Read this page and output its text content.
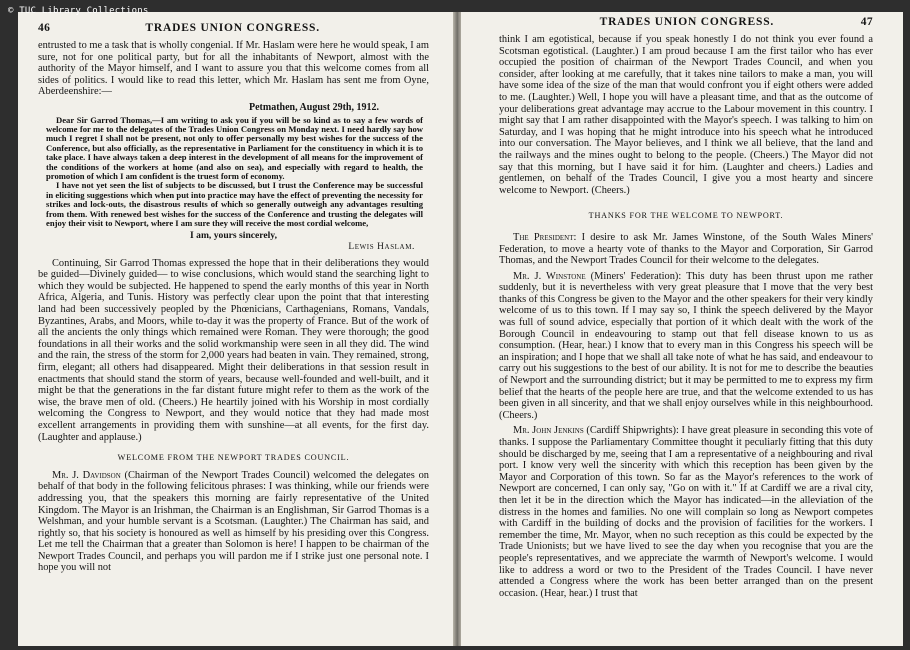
© TUC Library Collections
46	TRADES UNION CONGRESS.

entrusted to me a task that is wholly congenial. If Mr. Haslam were here he would speak, I am sure, not for one political party, but for all the inhabitants of Newport, almost with the authority of the Mayor himself, and I want to assure you that this welcome comes from all sides of politics. I would like to read this letter, which Mr. Haslam has sent me from Oyne, Aberdeenshire:—

Petmathen, August 29th, 1912.

Dear Sir Garrod Thomas,—I am writing to ask you if you will be so kind as to say a few words of welcome for me to the delegates of the Trades Union Congress on Monday next. I need hardly say how much I regret I shall not be present, not only to offer personally my best wishes for the success of the Conference, but also officially, as the representative in Parliament for the constituency in which it is to take place. I have always taken a deep interest in the development of all means for the improvement of the conditions of the workers at home (and also on sea), and especially with regard to health, the promotion of which I am confident is the truest form of economy.

I have not yet seen the list of subjects to be discussed, but I trust the Conference may be successful in eliciting suggestions which when put into practice may have the effect of preventing the necessity for strikes and lock-outs, the disastrous results of which so generally outweigh any advantages resulting from them. With renewed best wishes for the success of the Conference and trusting the delegates will enjoy their visit to Newport, where I am sure they will receive the most cordial welcome,

I am, yours sincerely,
Lewis Haslam.

Continuing, Sir Garrod Thomas expressed the hope that in their deliberations they would be guided—Divinely guided— to wise conclusions, which would stand the searching light to which they would be subjected. He happened to spend the early months of this year in North Africa, Algeria, and Tunis. History was perfectly clear upon the point that that interesting land had been successively peopled by the Phœnicians, Carthagenians, Romans, Vandals, Byzantines, Arabs, and Moors, while to-day it was the property of France. But of the work of all the ancients the only things which remained were Roman. They were thorough; the good foundations in all their works and the solid workmanship were seen in all they did. The wind and the rain, the stress of the storm for 2,000 years had beaten in vain. They remained, strong, firm, elegant; all others had disappeared. Might their deliberations in that session result in enactments that should stand the storm of years, because well-founded and well-built, and it might be that the generations in the far distant future might refer to them as the work of the wise, the brave men of old. (Cheers.) He heartily joined with his Worship in most cordially welcoming the Congress to Newport, and they would notice that they had made most excellent arrangements in providing them with sunshine—at all events, for the first day. (Laughter and applause.)

WELCOME FROM THE NEWPORT TRADES COUNCIL.

Mr. J. Davidson (Chairman of the Newport Trades Council) welcomed the delegates on behalf of that body in the following felicitous phrases: I was thinking, while our friends were addressing you, that the speakers this morning are fairly representative of the United Kingdom. The Mayor is an Irishman, the Chairman is an Englishman, Sir Garrod Thomas is a Welshman, and your humble servant is a Scotsman. (Laughter.) The Chairman has said, and rightly so, that his society is honoured as well as himself by his presiding over this Congress. Let me tell the Chairman that a greater than Solomon is here! I happen to be chairman of the Newport Trades Council, and perhaps you will pardon me if I strike just one personal note. I hope you will not

TRADES UNION CONGRESS.	47

think I am egotistical, because if you speak honestly I do not think you ever found a Scotsman egotistical. (Laughter.) I am proud because I am the first tailor who has ever occupied the position of chairman of the Newport Trades Council, and when you consider, after looking at me carefully, that it takes nine tailors to make a man, you will have some idea of the size of the man that would confront you if eight others were added to me. (Laughter.) Well, I hope you will have a pleasant time, and that as the outcome of your deliberations great advantage may accrue to the Labour movement in this country. I might say that I am rather disappointed with the Mayor's speech. I was talking to him on Saturday, and I was hoping that he might introduce into his speech what he introduced into our conversation. The Mayor believes, and I think we all believe, that the land and the railways and the mines ought to belong to the people. (Cheers.) The Mayor did not say that this morning, but I have said it for him. (Laughter and cheers.) Ladies and gentlemen, on behalf of the Trades Council, I give you a most hearty and sincere welcome to Newport. (Cheers.)

THANKS FOR THE WELCOME TO NEWPORT.

The President: I desire to ask Mr. James Winstone, of the South Wales Miners' Federation, to move a hearty vote of thanks to the Mayor and Corporation, Sir Garrod Thomas, and the Newport Trades Council for their welcome to the delegates.

Mr. J. Winstone (Miners' Federation): This duty has been thrust upon me rather suddenly, but it is nevertheless with very great pleasure that I move that the very best thanks of this Congress be given to the Mayor and the other speakers for their very kindly welcome of us to this town. If I may say so, I think the speech delivered by the Mayor was full of sound advice, especially that portion of it which dealt with the work of the Borough Council in endeavouring to stamp out that fell disease known to us as consumption. (Hear, hear.) I know that to every man in this Congress his speech will be an inspiration; and I hope that we shall all take note of what he has said, and endeavour to carry out his suggestions to the best of our ability. It is not for me to describe the beauties of Newport and the surrounding district; but it may be permitted to me to express my firm belief that the hearts of the people here are true, and that the welcome extended to us has been given in all sincerity, and that we shall enjoy ourselves while in this neighbourhood. (Cheers.)

Mr. John Jenkins (Cardiff Shipwrights): I have great pleasure in seconding this vote of thanks. I suppose the Parliamentary Committee thought it peculiarly fitting that this duty should be discharged by me, seeing that I am a representative of a neighbouring and rival port. I know very well the sincerity with which this reception has been given by the Mayor and Corporation of this town. So far as the Mayor's references to the work of Newport are concerned, I can only say, "Go on with it." If at Cardiff we are a rival city, then let it be in the direction which the Mayor has indicated—in the alleviation of the distress in the homes and families. No one will complain so long as Newport competes with Cardiff in the building of docks and the provision of facilities for the workers. I remember the time, Mr. Mayor, when no such reception as this could be expected by the Trade Unionists; but we have lived to see the day when you recognise that you are the people's representatives, and we appreciate the warmth of Newport's welcome. I would like to address a word or two to the President of the Trades Council. I have never attended a Congress where the work has been better arranged than on the present occasion. (Hear, hear.) I trust that
